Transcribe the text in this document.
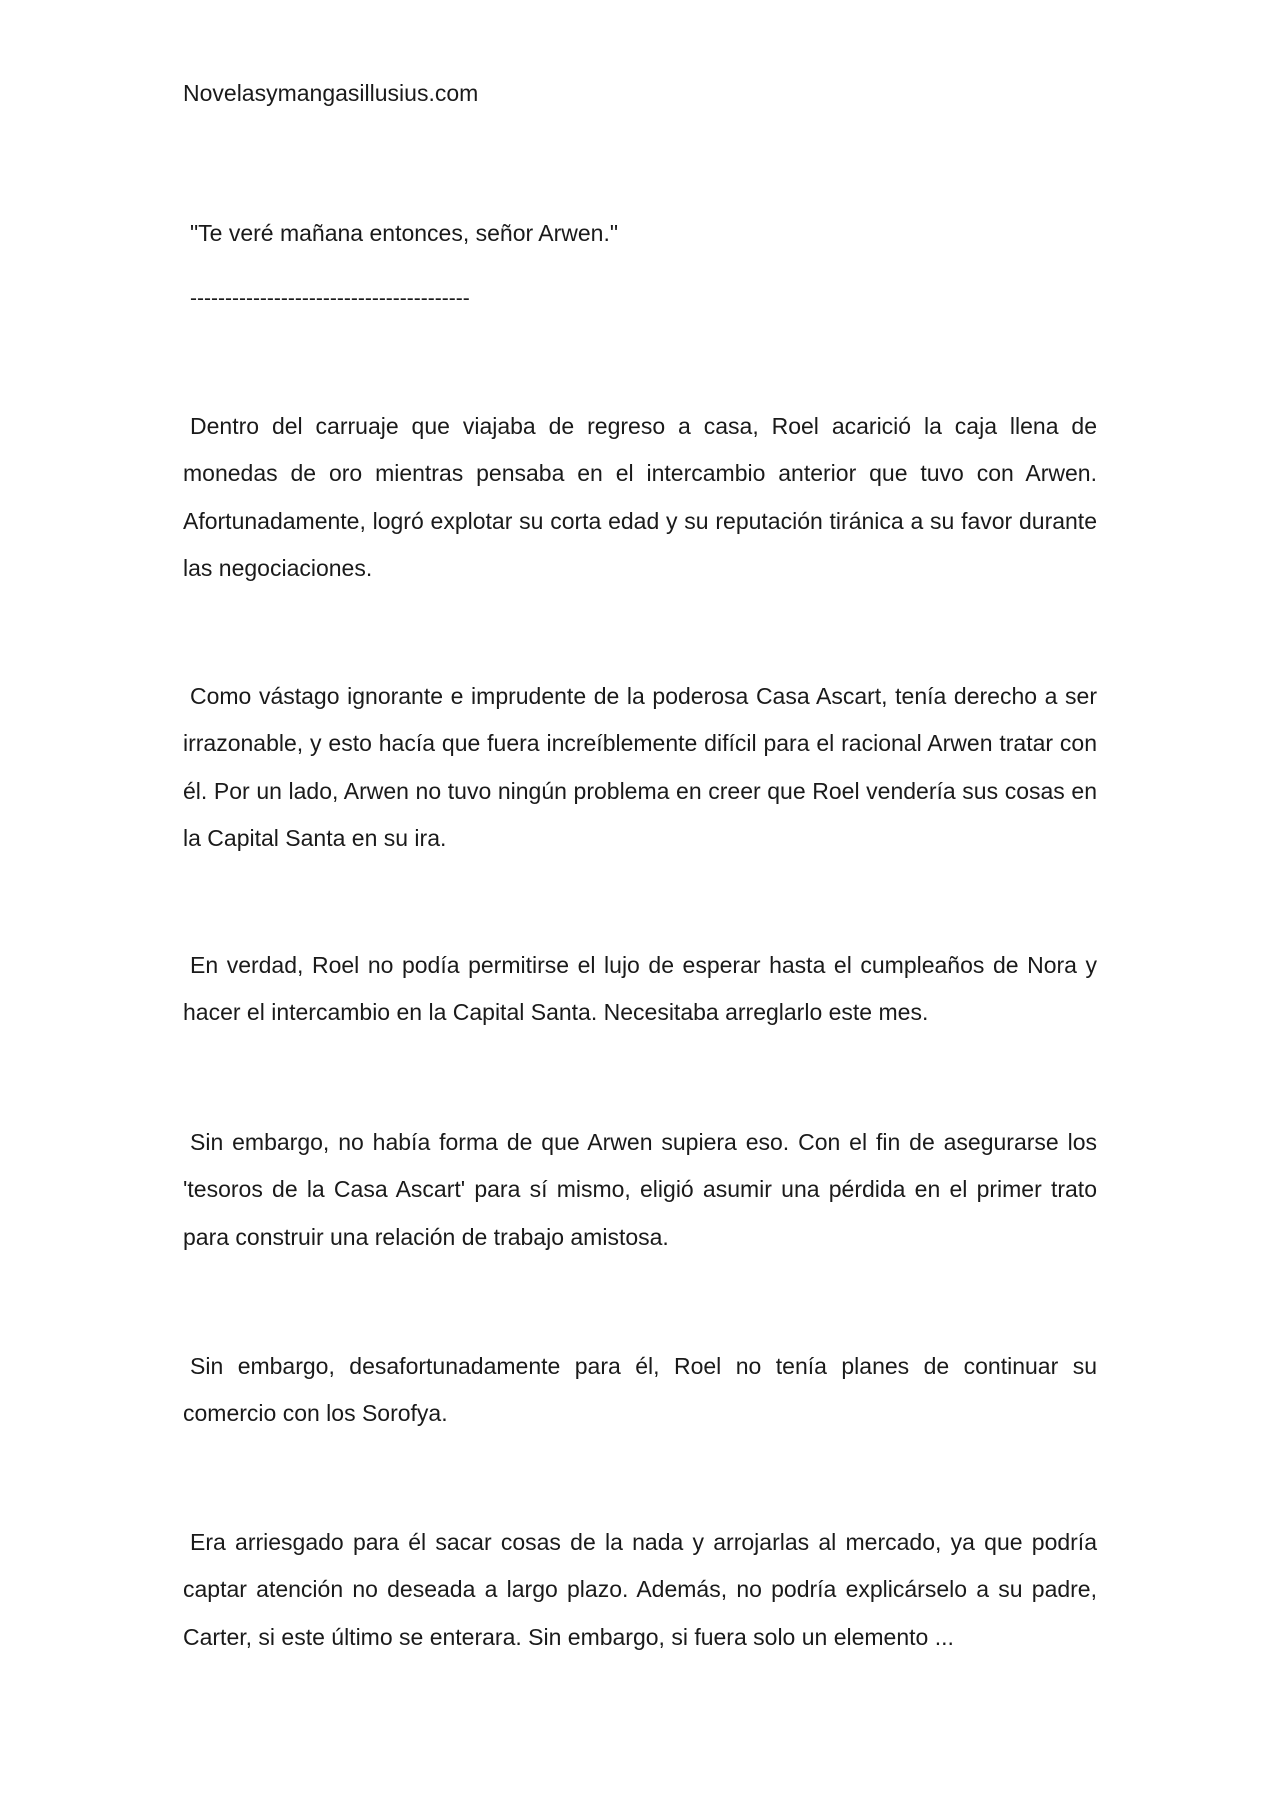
Novelasymangasillusius.com

"Te veré mañana entonces, señor Arwen."

----------------------------------------

Dentro del carruaje que viajaba de regreso a casa, Roel acarició la caja llena de monedas de oro mientras pensaba en el intercambio anterior que tuvo con Arwen. Afortunadamente, logró explotar su corta edad y su reputación tiránica a su favor durante las negociaciones.

Como vástago ignorante e imprudente de la poderosa Casa Ascart, tenía derecho a ser irrazonable, y esto hacía que fuera increíblemente difícil para el racional Arwen tratar con él. Por un lado, Arwen no tuvo ningún problema en creer que Roel vendería sus cosas en la Capital Santa en su ira.

En verdad, Roel no podía permitirse el lujo de esperar hasta el cumpleaños de Nora y hacer el intercambio en la Capital Santa. Necesitaba arreglarlo este mes.

Sin embargo, no había forma de que Arwen supiera eso. Con el fin de asegurarse los 'tesoros de la Casa Ascart' para sí mismo, eligió asumir una pérdida en el primer trato para construir una relación de trabajo amistosa.

Sin embargo, desafortunadamente para él, Roel no tenía planes de continuar su comercio con los Sorofya.

Era arriesgado para él sacar cosas de la nada y arrojarlas al mercado, ya que podría captar atención no deseada a largo plazo. Además, no podría explicárselo a su padre, Carter, si este último se enterara. Sin embargo, si fuera solo un elemento ...
